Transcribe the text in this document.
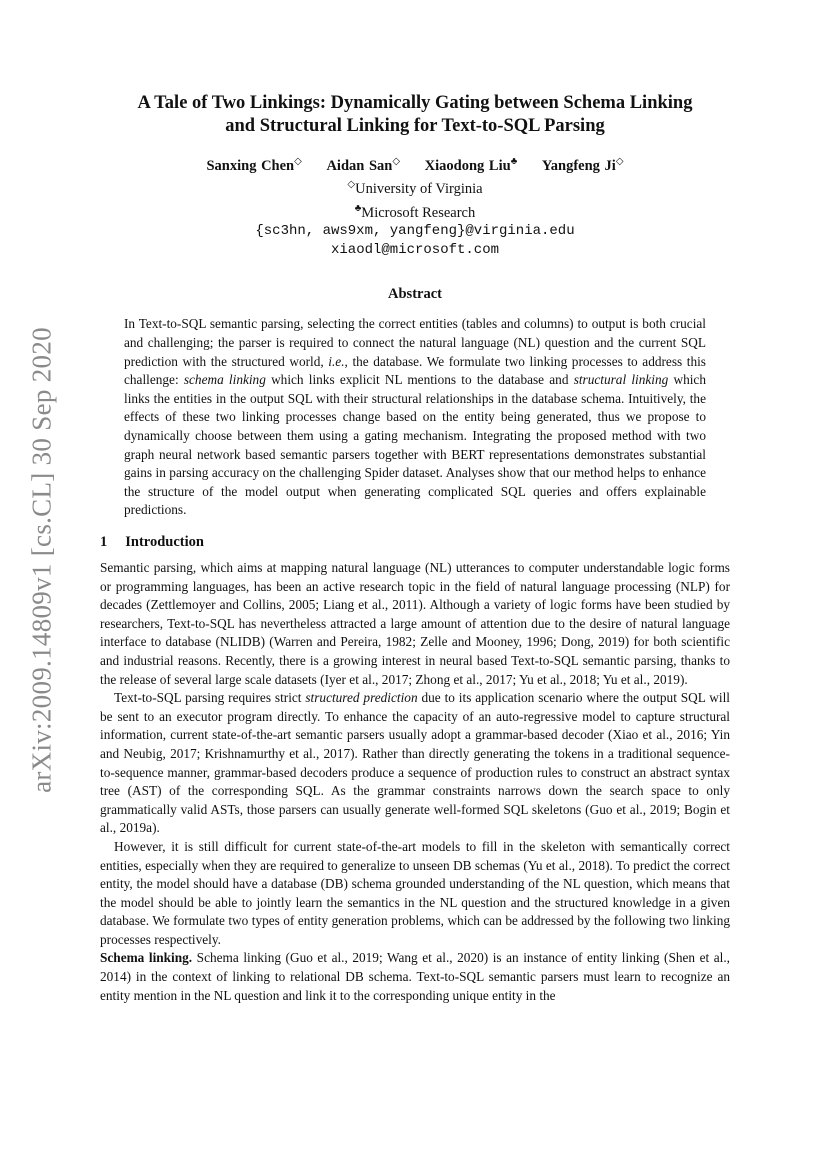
arXiv:2009.14809v1 [cs.CL] 30 Sep 2020
A Tale of Two Linkings: Dynamically Gating between Schema Linking
and Structural Linking for Text-to-SQL Parsing
Sanxing Chen◇ Aidan San◇ Xiaodong Liu♣ Yangfeng Ji◇
◇University of Virginia
♣Microsoft Research
{sc3hn, aws9xm, yangfeng}@virginia.edu
xiaodl@microsoft.com
Abstract
In Text-to-SQL semantic parsing, selecting the correct entities (tables and columns) to output is both crucial and challenging; the parser is required to connect the natural language (NL) question and the current SQL prediction with the structured world, i.e., the database. We formulate two linking processes to address this challenge: schema linking which links explicit NL mentions to the database and structural linking which links the entities in the output SQL with their structural relationships in the database schema. Intuitively, the effects of these two linking processes change based on the entity being generated, thus we propose to dynamically choose between them using a gating mechanism. Integrating the proposed method with two graph neural network based semantic parsers together with BERT representations demonstrates substantial gains in parsing accuracy on the challenging Spider dataset. Analyses show that our method helps to enhance the structure of the model output when generating complicated SQL queries and offers explainable predictions.
1 Introduction

Semantic parsing, which aims at mapping natural language (NL) utterances to computer understandable logic forms or programming languages, has been an active research topic in the field of natural language processing (NLP) for decades (Zettlemoyer and Collins, 2005; Liang et al., 2011). Although a variety of logic forms have been studied by researchers, Text-to-SQL has nevertheless attracted a large amount of attention due to the desire of natural language interface to database (NLIDB) (Warren and Pereira, 1982; Zelle and Mooney, 1996; Dong, 2019) for both scientific and industrial reasons. Recently, there is a growing interest in neural based Text-to-SQL semantic parsing, thanks to the release of several large scale datasets (Iyer et al., 2017; Zhong et al., 2017; Yu et al., 2018; Yu et al., 2019).

Text-to-SQL parsing requires strict structured prediction due to its application scenario where the output SQL will be sent to an executor program directly. To enhance the capacity of an auto-regressive model to capture structural information, current state-of-the-art semantic parsers usually adopt a grammar-based decoder (Xiao et al., 2016; Yin and Neubig, 2017; Krishnamurthy et al., 2017). Rather than directly generating the tokens in a traditional sequence-to-sequence manner, grammar-based decoders produce a sequence of production rules to construct an abstract syntax tree (AST) of the corresponding SQL. As the grammar constraints narrows down the search space to only grammatically valid ASTs, those parsers can usually generate well-formed SQL skeletons (Guo et al., 2019; Bogin et al., 2019a).

However, it is still difficult for current state-of-the-art models to fill in the skeleton with semantically correct entities, especially when they are required to generalize to unseen DB schemas (Yu et al., 2018). To predict the correct entity, the model should have a database (DB) schema grounded understanding of the NL question, which means that the model should be able to jointly learn the semantics in the NL question and the structured knowledge in a given database. We formulate two types of entity generation problems, which can be addressed by the following two linking processes respectively.

Schema linking. Schema linking (Guo et al., 2019; Wang et al., 2020) is an instance of entity linking (Shen et al., 2014) in the context of linking to relational DB schema. Text-to-SQL semantic parsers must learn to recognize an entity mention in the NL question and link it to the corresponding unique entity in the
